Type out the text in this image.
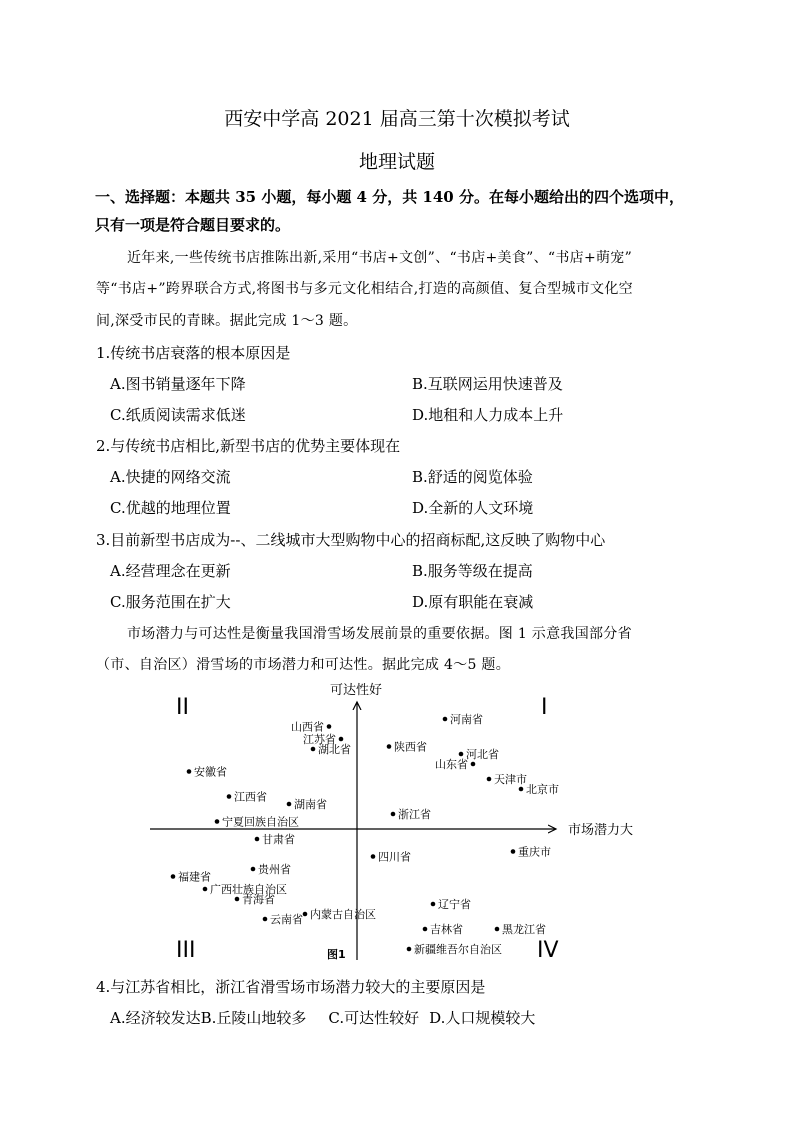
西安中学高 2021 届高三第十次模拟考试
地理试题
一、选择题：本题共 35 小题，每小题 4 分，共 140 分。在每小题给出的四个选项中，
只有一项是符合题目要求的。
近年来,一些传统书店推陈出新,采用“书店+文创”、“书店+美食”、“书店+萌宠”
等“书店+”跨界联合方式,将图书与多元文化相结合,打造的高颜值、复合型城市文化空
间,深受市民的青睐。据此完成 1～3 题。
1.传统书店衰落的根本原因是
A.图书销量逐年下降	B.互联网运用快速普及
C.纸质阅读需求低迷	D.地租和人力成本上升
2.与传统书店相比,新型书店的优势主要体现在
A.快捷的网络交流	B.舒适的阅览体验
C.优越的地理位置	D.全新的人文环境
3.目前新型书店成为--、二线城市大型购物中心的招商标配,这反映了购物中心
A.经营理念在更新	B.服务等级在提高
C.服务范围在扩大	D.原有职能在衰减
市场潜力与可达性是衡量我国滑雪场发展前景的重要依据。图 1 示意我国部分省
（市、自治区）滑雪场的市场潜力和可达性。据此完成 4～5 题。
可达性好
市场潜力大
I
II
III	IV
图1
河南省
山西省
江苏省
湖北省	陕西省
河北省
山东省
天津市
北京市
安徽省
江西省
湖南省
浙江省
宁夏回族自治区
甘肃省
四川省	重庆市
福建省
贵州省
广西壮族自治区
青海省	辽宁省
内蒙古自治区
云南省
吉林省	黑龙江省
新疆维吾尔自治区
4.与江苏省相比，浙江省滑雪场市场潜力较大的主要原因是
A.经济较发达B.丘陵山地较多 C.可达性较好 D.人口规模较大
